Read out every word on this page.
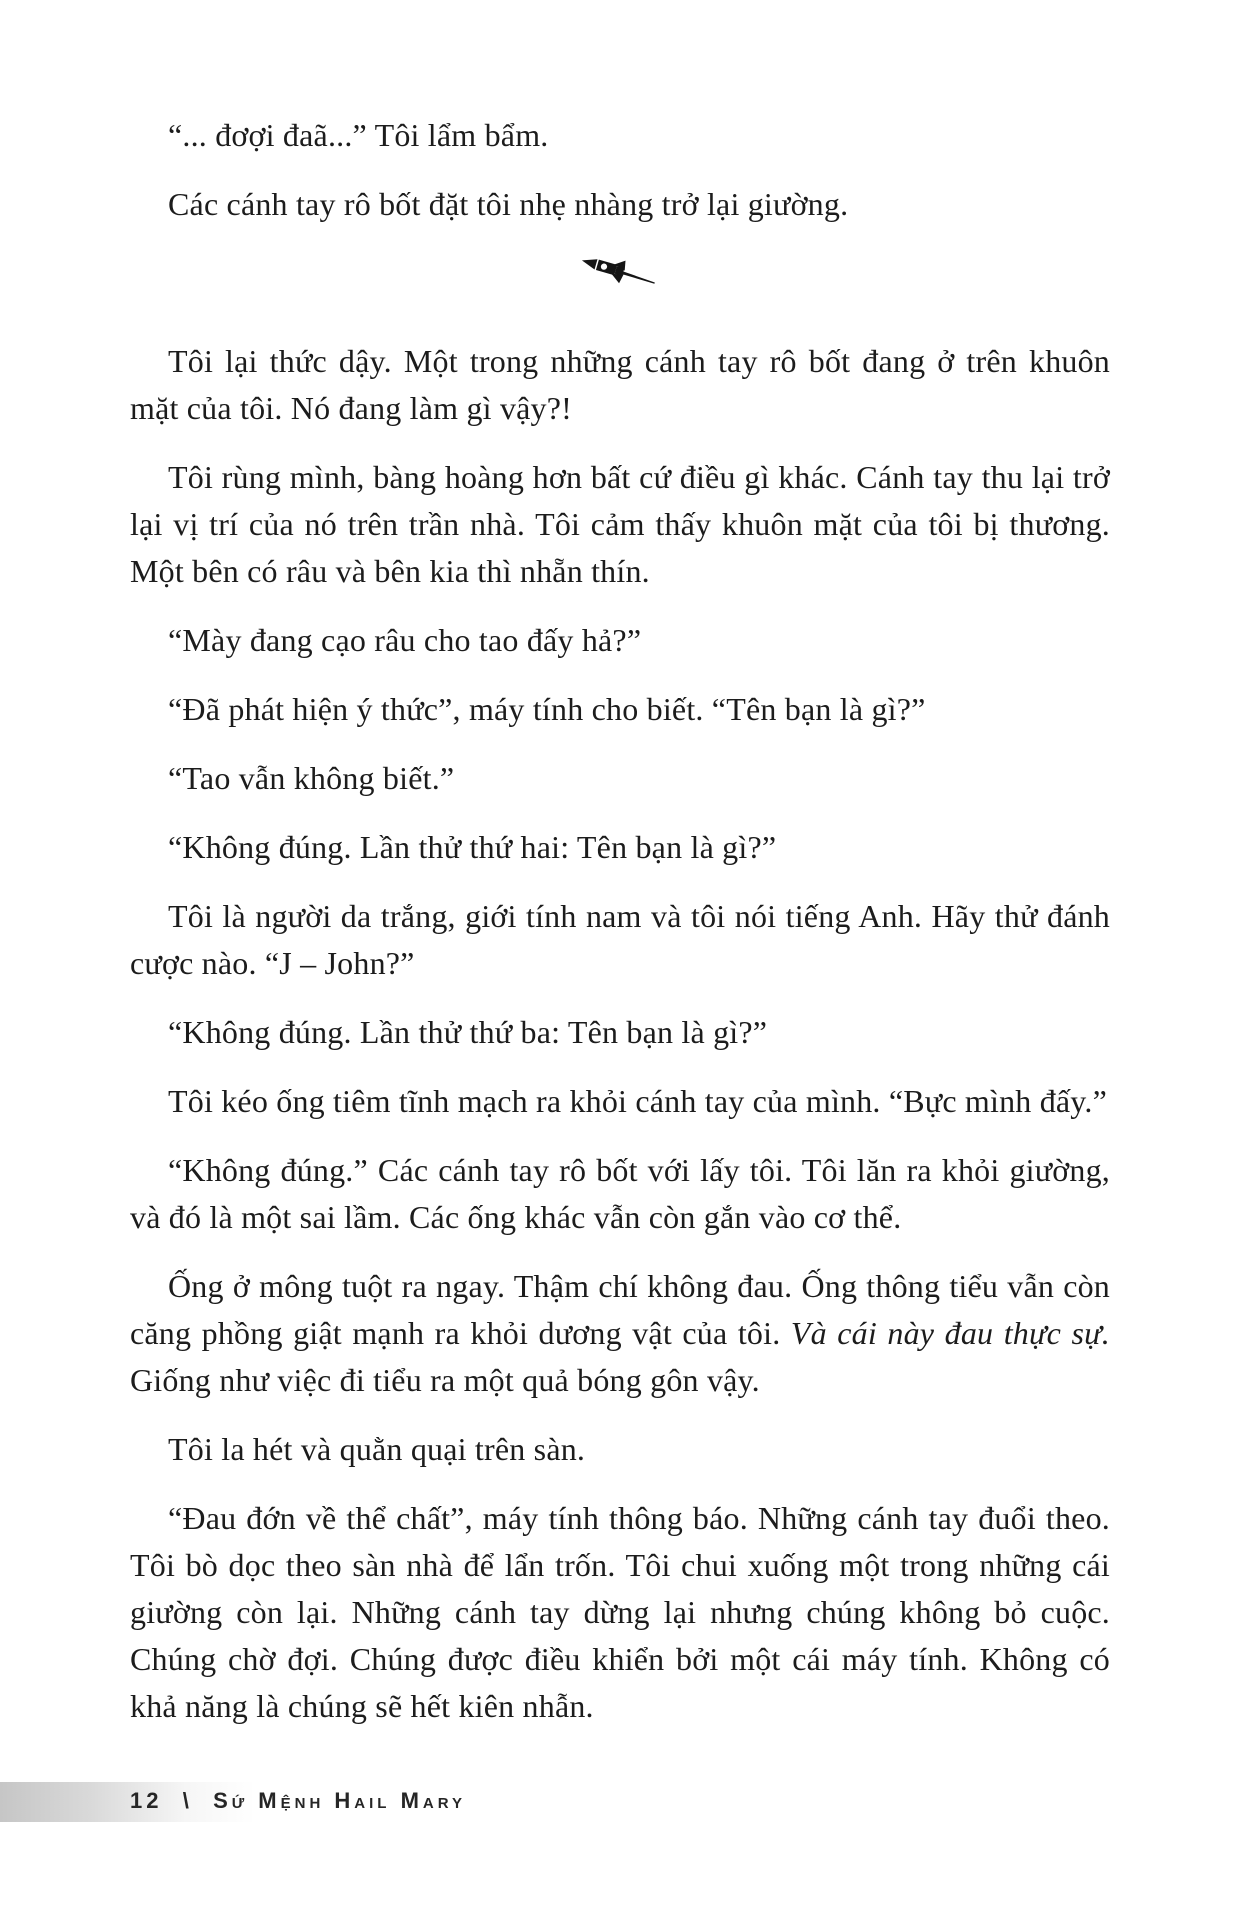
“... đơợi đaã...” Tôi lẩm bẩm.

Các cánh tay rô bốt đặt tôi nhẹ nhàng trở lại giường.

Tôi lại thức dậy. Một trong những cánh tay rô bốt đang ở trên khuôn mặt của tôi. Nó đang làm gì vậy?!

Tôi rùng mình, bàng hoàng hơn bất cứ điều gì khác. Cánh tay thu lại trở lại vị trí của nó trên trần nhà. Tôi cảm thấy khuôn mặt của tôi bị thương. Một bên có râu và bên kia thì nhẵn thín.

“Mày đang cạo râu cho tao đấy hả?”

“Đã phát hiện ý thức”, máy tính cho biết. “Tên bạn là gì?”

“Tao vẫn không biết.”

“Không đúng. Lần thử thứ hai: Tên bạn là gì?”

Tôi là người da trắng, giới tính nam và tôi nói tiếng Anh. Hãy thử đánh cược nào. “J – John?”

“Không đúng. Lần thử thứ ba: Tên bạn là gì?”

Tôi kéo ống tiêm tĩnh mạch ra khỏi cánh tay của mình. “Bực mình đấy.”

“Không đúng.” Các cánh tay rô bốt với lấy tôi. Tôi lăn ra khỏi giường, và đó là một sai lầm. Các ống khác vẫn còn gắn vào cơ thể.

Ống ở mông tuột ra ngay. Thậm chí không đau. Ống thông tiểu vẫn còn căng phồng giật mạnh ra khỏi dương vật của tôi. Và cái này đau thực sự. Giống như việc đi tiểu ra một quả bóng gôn vậy.

Tôi la hét và quằn quại trên sàn.

“Đau đớn về thể chất”, máy tính thông báo. Những cánh tay đuổi theo. Tôi bò dọc theo sàn nhà để lẩn trốn. Tôi chui xuống một trong những cái giường còn lại. Những cánh tay dừng lại nhưng chúng không bỏ cuộc. Chúng chờ đợi. Chúng được điều khiển bởi một cái máy tính. Không có khả năng là chúng sẽ hết kiên nhẫn.

12 \ Sứ Mệnh Hail Mary
